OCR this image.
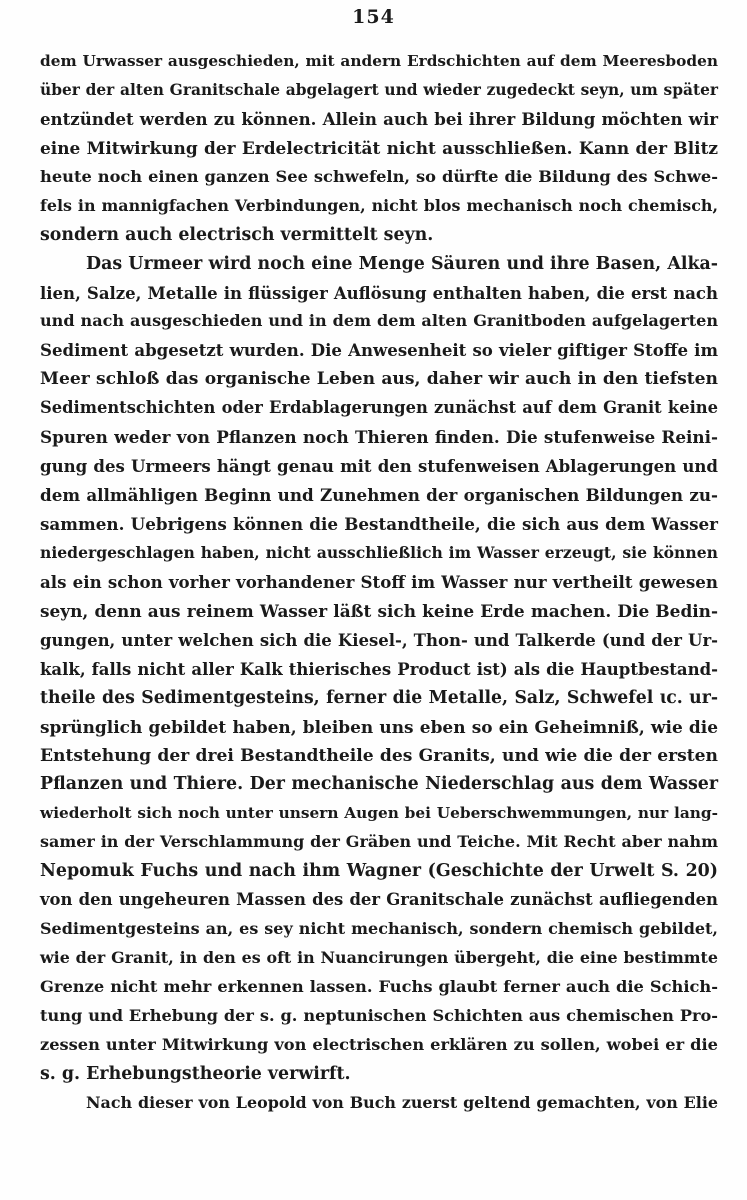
154
dem Urwasser ausgeschieden, mit andern Erdschichten auf dem Meeresboden
über der alten Granitschale abgelagert und wieder zugedeckt seyn, um später
entzündet werden zu können. Allein auch bei ihrer Bildung möchten wir
eine Mitwirkung der Erdelectricität nicht ausschließen. Kann der Blitz
heute noch einen ganzen See schwefeln, so dürfte die Bildung des Schwe-
fels in mannigfachen Verbindungen, nicht blos mechanisch noch chemisch,
sondern auch electrisch vermittelt seyn.
Das Urmeer wird noch eine Menge Säuren und ihre Basen, Alka-
lien, Salze, Metalle in flüssiger Auflösung enthalten haben, die erst nach
und nach ausgeschieden und in dem dem alten Granitboden aufgelagerten
Sediment abgesetzt wurden. Die Anwesenheit so vieler giftiger Stoffe im
Meer schloß das organische Leben aus, daher wir auch in den tiefsten
Sedimentschichten oder Erdablagerungen zunächst auf dem Granit keine
Spuren weder von Pflanzen noch Thieren finden. Die stufenweise Reini-
gung des Urmeers hängt genau mit den stufenweisen Ablagerungen und
dem allmähligen Beginn und Zunehmen der organischen Bildungen zu-
sammen. Uebrigens können die Bestandtheile, die sich aus dem Wasser
niedergeschlagen haben, nicht ausschließlich im Wasser erzeugt, sie können
als ein schon vorher vorhandener Stoff im Wasser nur vertheilt gewesen
seyn, denn aus reinem Wasser läßt sich keine Erde machen. Die Bedin-
gungen, unter welchen sich die Kiesel-, Thon- und Talkerde (und der Ur-
kalk, falls nicht aller Kalk thierisches Product ist) als die Hauptbestand-
theile des Sedimentgesteins, ferner die Metalle, Salz, Schwefel ɩc. ur-
sprünglich gebildet haben, bleiben uns eben so ein Geheimniß, wie die
Entstehung der drei Bestandtheile des Granits, und wie die der ersten
Pflanzen und Thiere. Der mechanische Niederschlag aus dem Wasser
wiederholt sich noch unter unsern Augen bei Ueberschwemmungen, nur lang-
samer in der Verschlammung der Gräben und Teiche. Mit Recht aber nahm
Nepomuk Fuchs und nach ihm Wagner (Geschichte der Urwelt S. 20)
von den ungeheuren Massen des der Granitschale zunächst aufliegenden
Sedimentgesteins an, es sey nicht mechanisch, sondern chemisch gebildet,
wie der Granit, in den es oft in Nuancirungen übergeht, die eine bestimmte
Grenze nicht mehr erkennen lassen. Fuchs glaubt ferner auch die Schich-
tung und Erhebung der s. g. neptunischen Schichten aus chemischen Pro-
zessen unter Mitwirkung von electrischen erklären zu sollen, wobei er die
s. g. Erhebungstheorie verwirft.
Nach dieser von Leopold von Buch zuerst geltend gemachten, von Elie
